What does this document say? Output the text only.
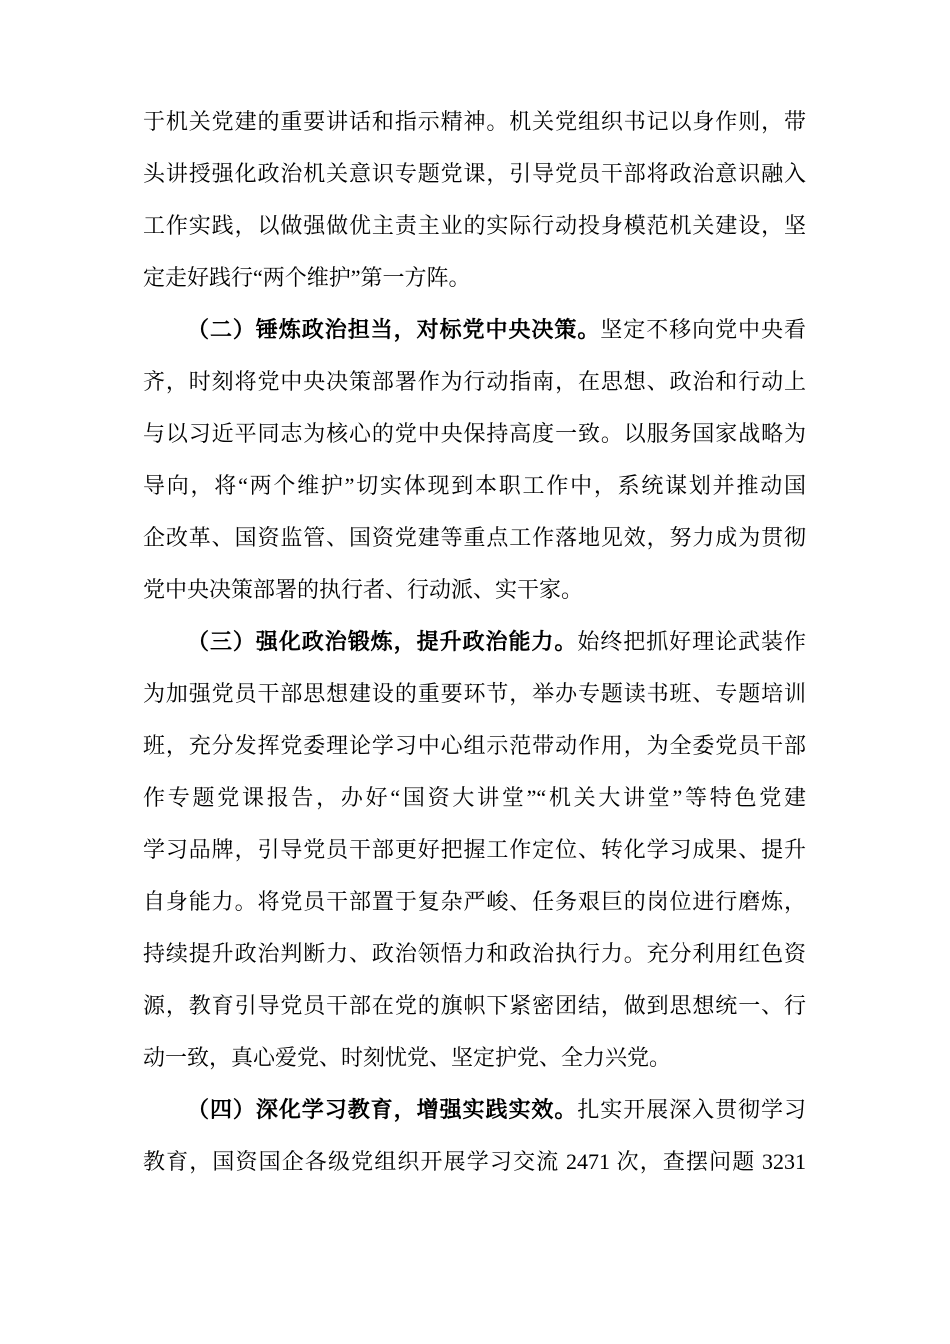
于机关党建的重要讲话和指示精神。机关党组织书记以身作则，带
头讲授强化政治机关意识专题党课，引导党员干部将政治意识融入
工作实践，以做强做优主责主业的实际行动投身模范机关建设，坚
定走好践行“两个维护”第一方阵。
（二）锤炼政治担当，对标党中央决策。坚定不移向党中央看
齐，时刻将党中央决策部署作为行动指南，在思想、政治和行动上
与以习近平同志为核心的党中央保持高度一致。以服务国家战略为
导向，将“两个维护”切实体现到本职工作中，系统谋划并推动国
企改革、国资监管、国资党建等重点工作落地见效，努力成为贯彻
党中央决策部署的执行者、行动派、实干家。
（三）强化政治锻炼，提升政治能力。始终把抓好理论武装作
为加强党员干部思想建设的重要环节，举办专题读书班、专题培训
班，充分发挥党委理论学习中心组示范带动作用，为全委党员干部
作专题党课报告，办好“国资大讲堂”“机关大讲堂”等特色党建
学习品牌，引导党员干部更好把握工作定位、转化学习成果、提升
自身能力。将党员干部置于复杂严峻、任务艰巨的岗位进行磨炼，
持续提升政治判断力、政治领悟力和政治执行力。充分利用红色资
源，教育引导党员干部在党的旗帜下紧密团结，做到思想统一、行
动一致，真心爱党、时刻忧党、坚定护党、全力兴党。
（四）深化学习教育，增强实践实效。扎实开展深入贯彻学习
教育，国资国企各级党组织开展学习交流 2471 次，查摆问题 3231
